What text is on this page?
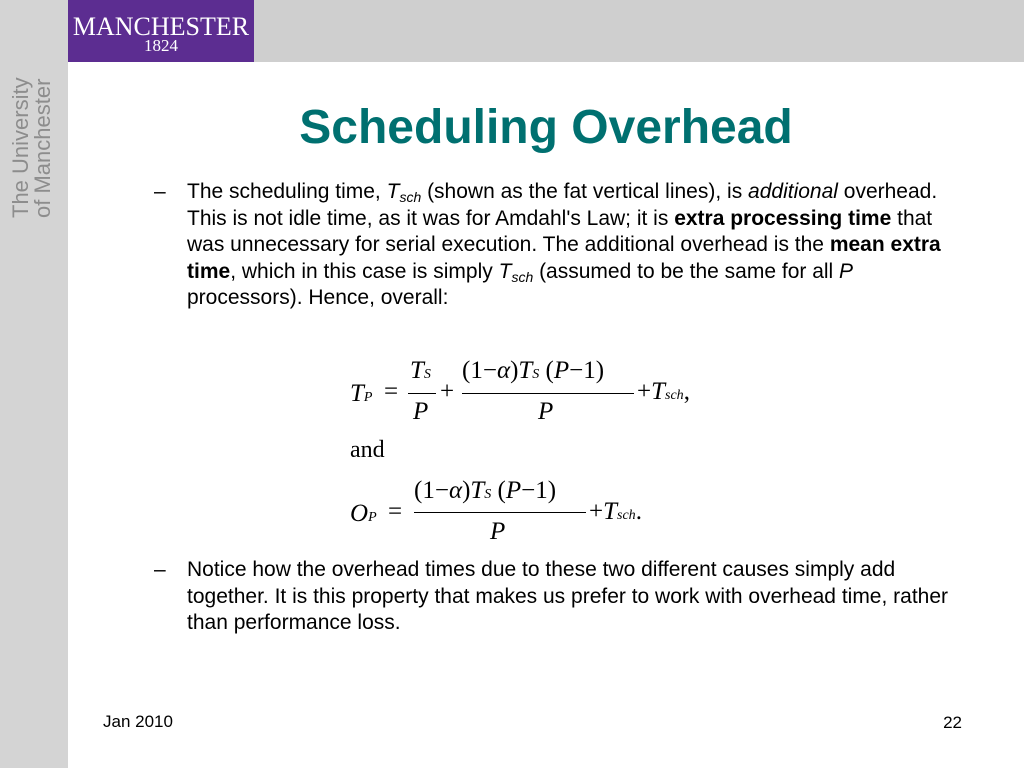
MANCHESTER
1824
The University
of Manchester	Scheduling Overhead
– The scheduling time, $T_{sch}$ (shown as the fat vertical lines), is additional overhead. This is not idle time, as it was for Amdahl's Law; it is extra processing time that was unnecessary for serial execution. The additional overhead is the mean extra time, which in this case is simply $T_{sch}$ (assumed to be the same for all P processors). Hence, overall:
TP =
TS
P
+
(1−α)TS (P−1)
P
+Tsch,
and
OP =
(1−α)TS (P−1)
P
+Tsch.
– Notice how the overhead times due to these two different causes simply add together. It is this property that makes us prefer to work with overhead time, rather than performance loss.
Jan 2010	22
